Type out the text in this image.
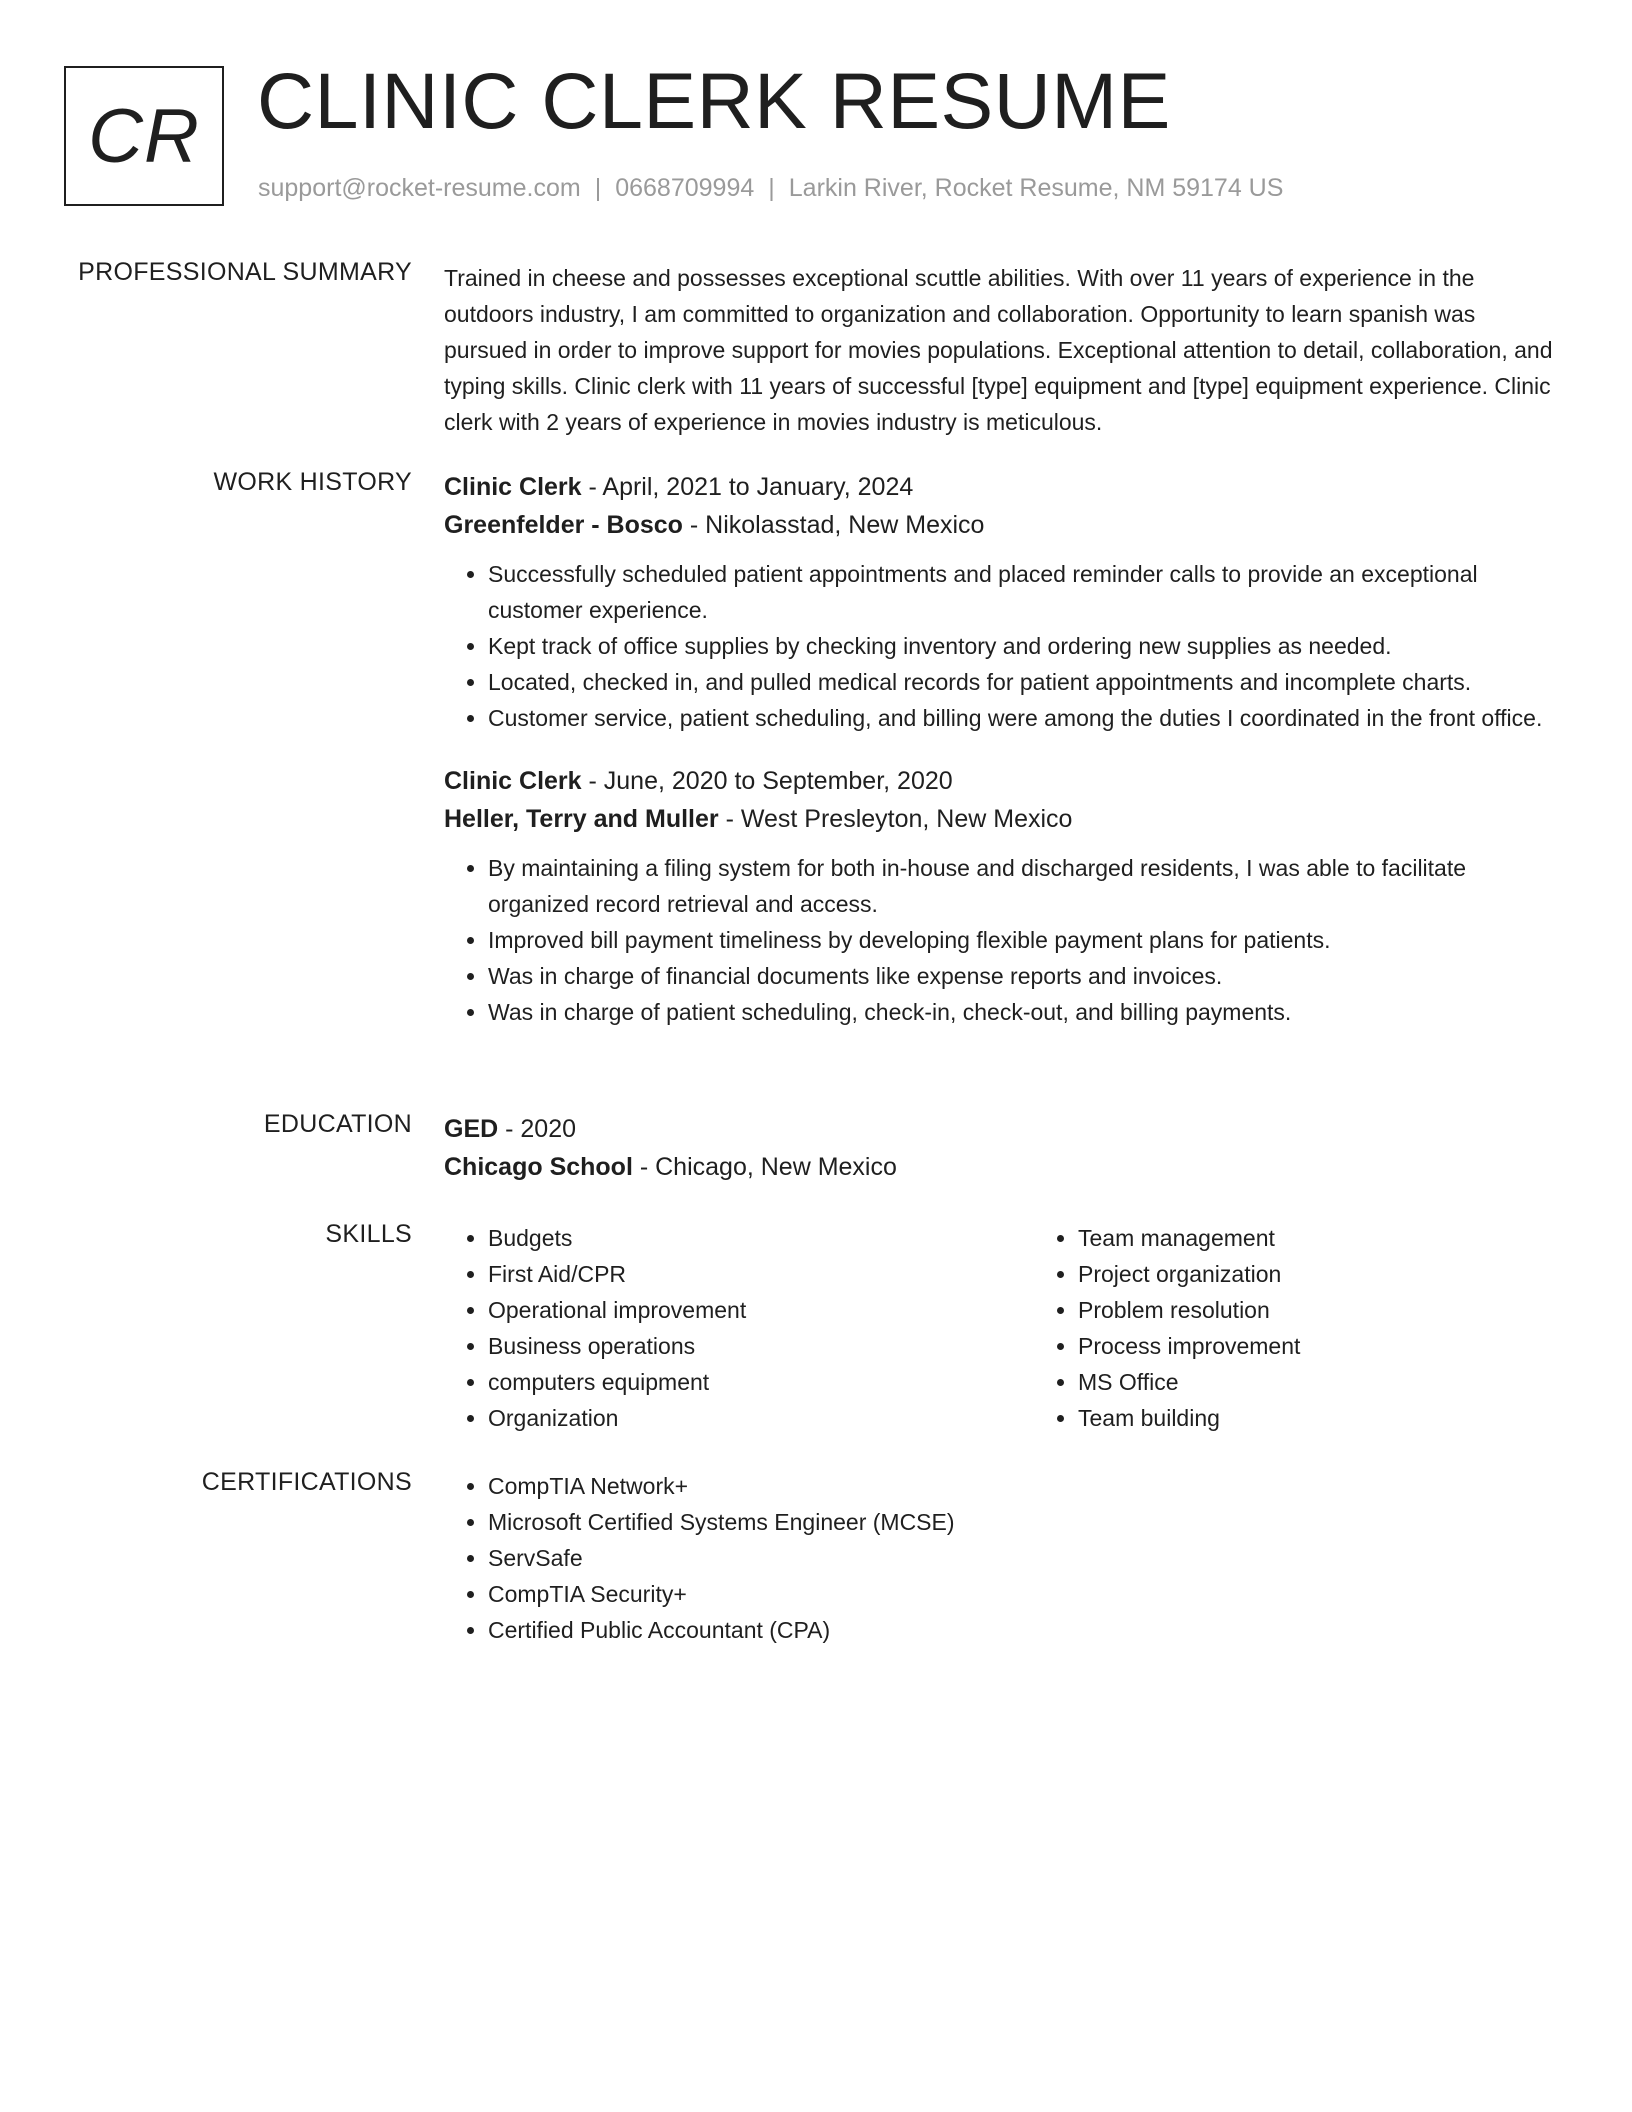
CR CLINIC CLERK RESUME
support@rocket-resume.com | 0668709994 | Larkin River, Rocket Resume, NM 59174 US
PROFESSIONAL SUMMARY Trained in cheese and possesses exceptional scuttle abilities. With over 11 years of experience in the outdoors industry, I am committed to organization and collaboration. Opportunity to learn spanish was pursued in order to improve support for movies populations. Exceptional attention to detail, collaboration, and typing skills. Clinic clerk with 11 years of successful [type] equipment and [type] equipment experience. Clinic clerk with 2 years of experience in movies industry is meticulous.

WORK HISTORY Clinic Clerk - April, 2021 to January, 2024

Greenfelder - Bosco - Nikolasstad, New Mexico

• Successfully scheduled patient appointments and placed reminder calls to provide an exceptional customer experience.
• Kept track of office supplies by checking inventory and ordering new supplies as needed.
• Located, checked in, and pulled medical records for patient appointments and incomplete charts.
• Customer service, patient scheduling, and billing were among the duties I coordinated in the front office.

Clinic Clerk - June, 2020 to September, 2020

Heller, Terry and Muller - West Presleyton, New Mexico

• By maintaining a filing system for both in-house and discharged residents, I was able to facilitate organized record retrieval and access.
• Improved bill payment timeliness by developing flexible payment plans for patients.
• Was in charge of financial documents like expense reports and invoices.
• Was in charge of patient scheduling, check-in, check-out, and billing payments.
EDUCATION GED - 2020

Chicago School - Chicago, New Mexico

SKILLS	• Budgets
• First Aid/CPR
• Operational improvement
• Business operations
• computers equipment
• Organization
• Team management
• Project organization
• Problem resolution
• Process improvement
• MS Office
• Team building
CERTIFICATIONS	• CompTIA Network+
• Microsoft Certified Systems Engineer (MCSE)
• ServSafe
• CompTIA Security+
• Certified Public Accountant (CPA)
